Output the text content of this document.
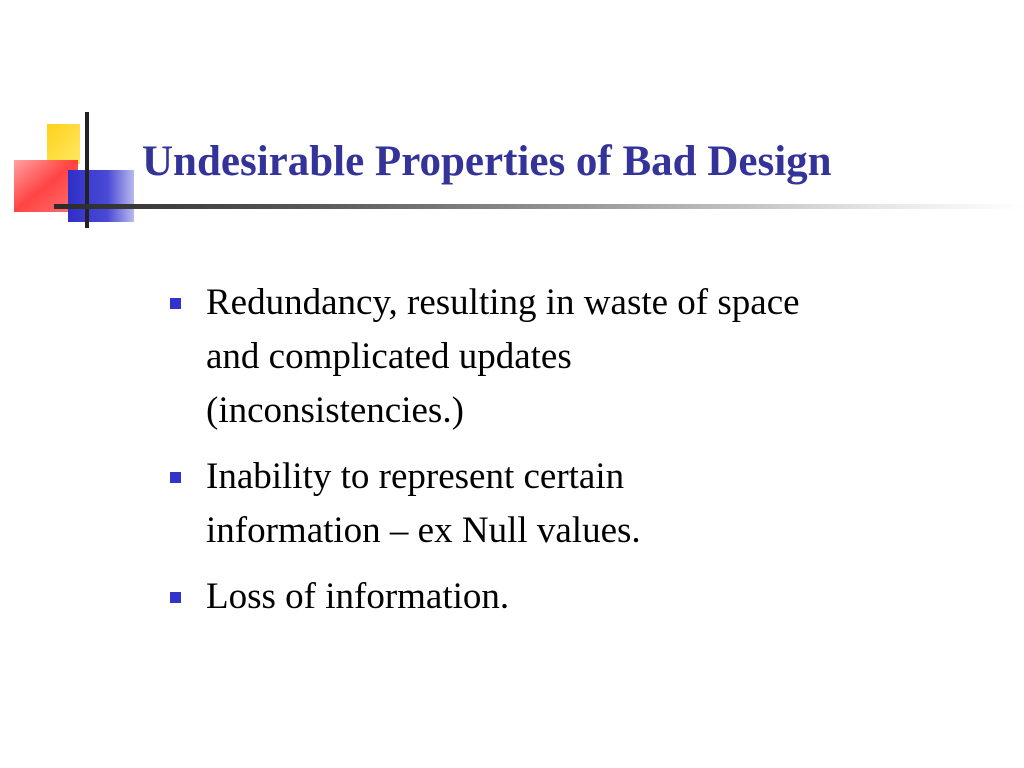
Undesirable Properties of Bad Design
Redundancy, resulting in waste of space
and complicated updates
(inconsistencies.)
Inability to represent certain
information – ex Null values.
Loss of information.
